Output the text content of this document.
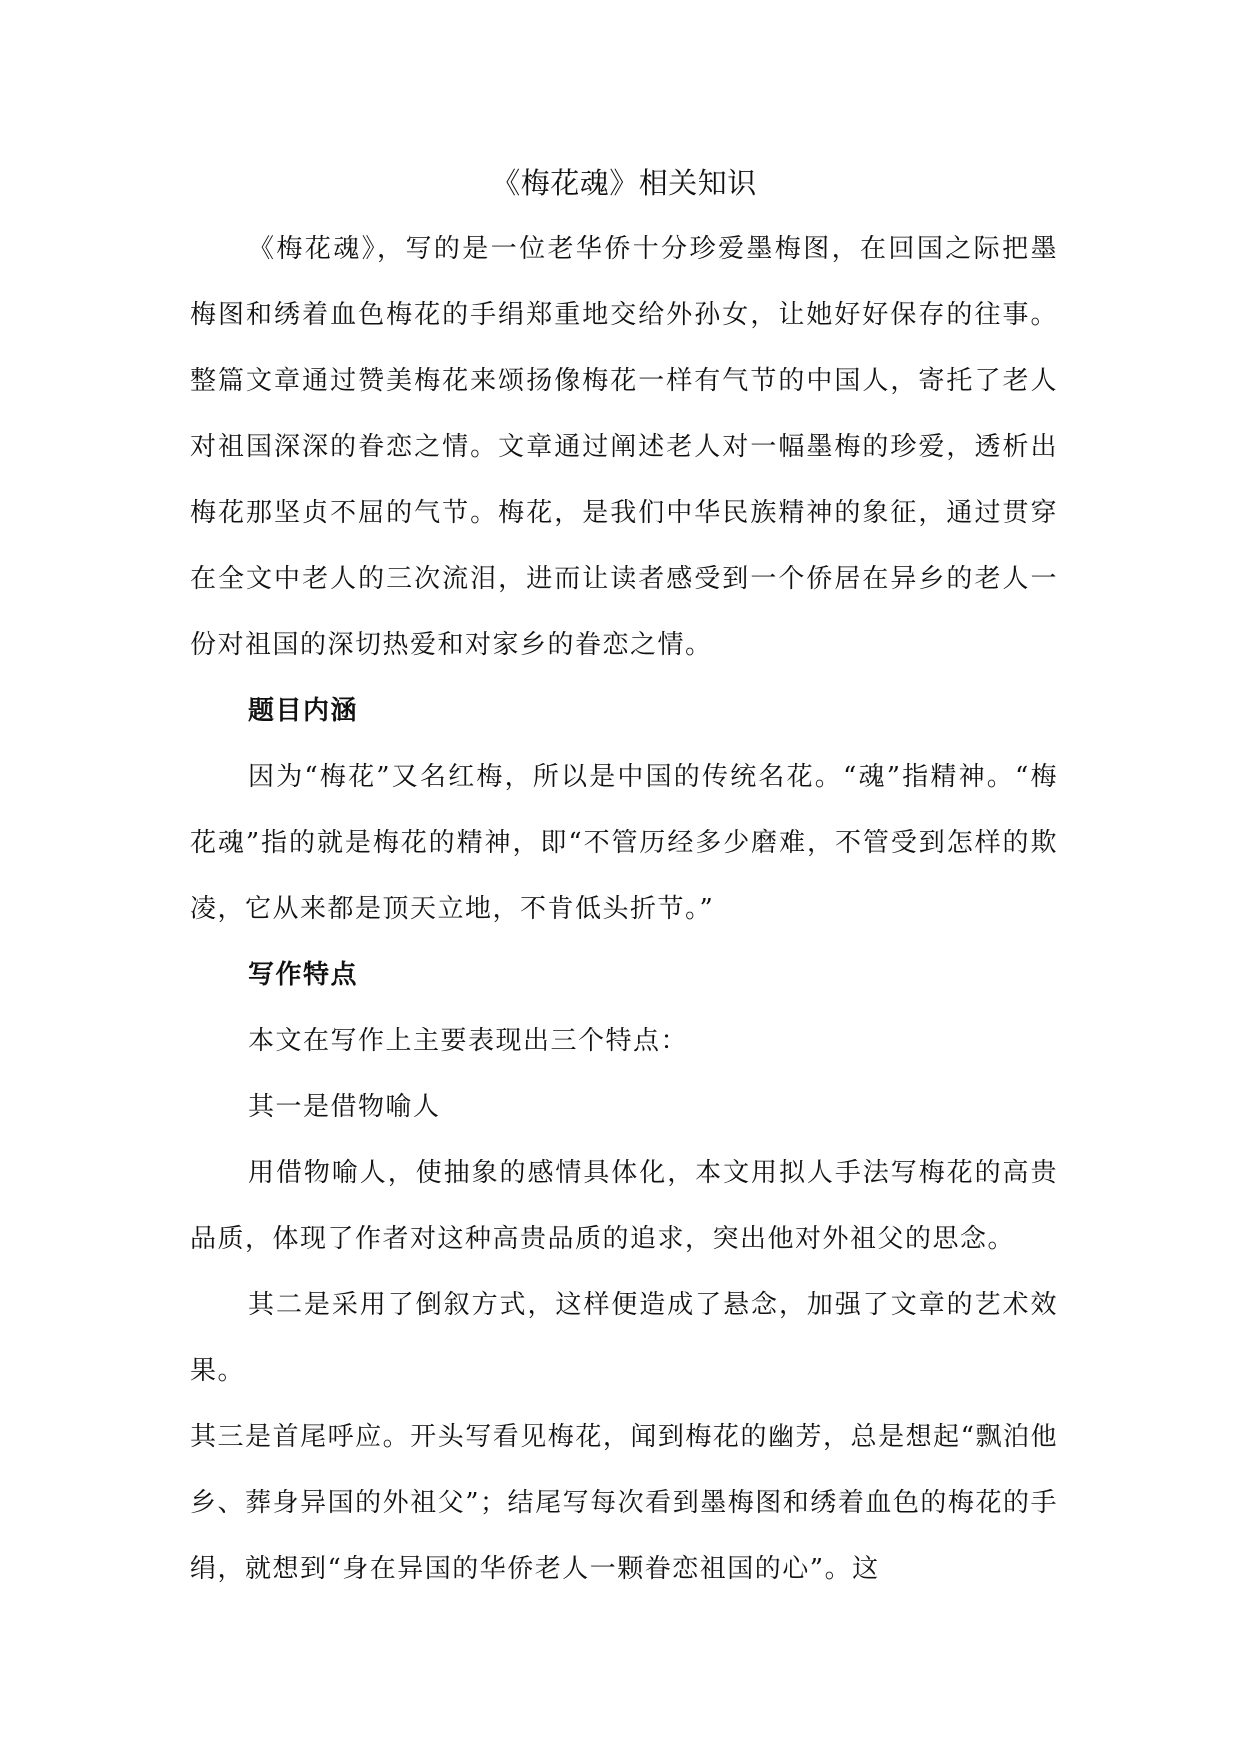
《梅花魂》相关知识

《梅花魂》，写的是一位老华侨十分珍爱墨梅图，在回国之际把墨梅图和绣着血色梅花的手绢郑重地交给外孙女，让她好好保存的往事。整篇文章通过赞美梅花来颂扬像梅花一样有气节的中国人，寄托了老人对祖国深深的眷恋之情。文章通过阐述老人对一幅墨梅的珍爱，透析出梅花那坚贞不屈的气节。梅花，是我们中华民族精神的象征，通过贯穿在全文中老人的三次流泪，进而让读者感受到一个侨居在异乡的老人一份对祖国的深切热爱和对家乡的眷恋之情。

题目内涵

因为“梅花”又名红梅，所以是中国的传统名花。“魂”指精神。“梅花魂”指的就是梅花的精神，即“不管历经多少磨难，不管受到怎样的欺凌，它从来都是顶天立地，不肯低头折节。”

写作特点

本文在写作上主要表现出三个特点：

其一是借物喻人

用借物喻人，使抽象的感情具体化，本文用拟人手法写梅花的高贵品质，体现了作者对这种高贵品质的追求，突出他对外祖父的思念。

其二是采用了倒叙方式，这样便造成了悬念，加强了文章的艺术效果。

其三是首尾呼应。开头写看见梅花，闻到梅花的幽芳，总是想起“飘泊他乡、葬身异国的外祖父”；结尾写每次看到墨梅图和绣着血色的梅花的手绢，就想到“身在异国的华侨老人一颗眷恋祖国的心”。这
